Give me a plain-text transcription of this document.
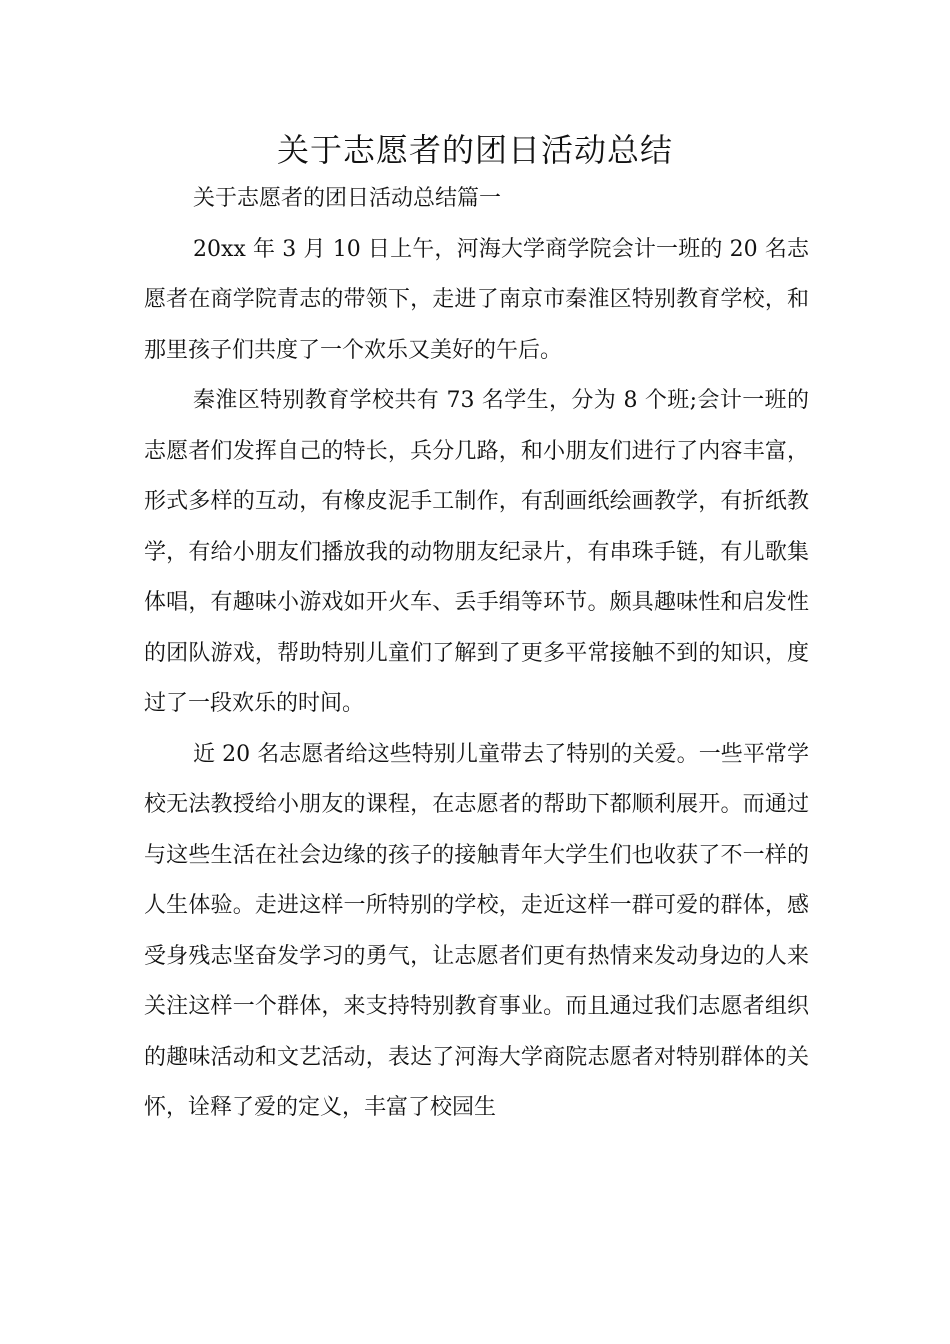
关于志愿者的团日活动总结

关于志愿者的团日活动总结篇一

20xx 年 3 月 10 日上午，河海大学商学院会计一班的 20 名志愿者在商学院青志的带领下，走进了南京市秦淮区特别教育学校，和那里孩子们共度了一个欢乐又美好的午后。

秦淮区特别教育学校共有 73 名学生，分为 8 个班;会计一班的志愿者们发挥自己的特长，兵分几路，和小朋友们进行了内容丰富，形式多样的互动，有橡皮泥手工制作，有刮画纸绘画教学，有折纸教学，有给小朋友们播放我的动物朋友纪录片，有串珠手链，有儿歌集体唱，有趣味小游戏如开火车、丢手绢等环节。颇具趣味性和启发性的团队游戏，帮助特别儿童们了解到了更多平常接触不到的知识，度过了一段欢乐的时间。

近 20 名志愿者给这些特别儿童带去了特别的关爱。一些平常学校无法教授给小朋友的课程，在志愿者的帮助下都顺利展开。而通过与这些生活在社会边缘的孩子的接触青年大学生们也收获了不一样的人生体验。走进这样一所特别的学校，走近这样一群可爱的群体，感受身残志坚奋发学习的勇气，让志愿者们更有热情来发动身边的人来关注这样一个群体，来支持特别教育事业。而且通过我们志愿者组织的趣味活动和文艺活动，表达了河海大学商院志愿者对特别群体的关怀，诠释了爱的定义，丰富了校园生
